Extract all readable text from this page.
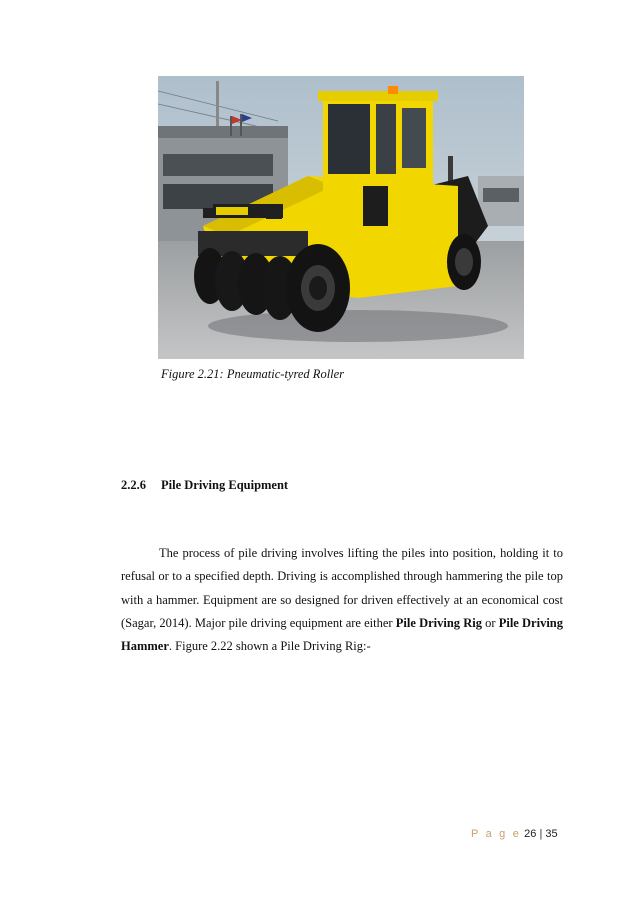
Figure 2.21: Pneumatic-tyred Roller
2.2.6 Pile Driving Equipment

The process of pile driving involves lifting the piles into position, holding it to refusal or to a specified depth. Driving is accomplished through hammering the pile top with a hammer. Equipment are so designed for driven effectively at an economical cost (Sagar, 2014). Major pile driving equipment are either Pile Driving Rig or Pile Driving Hammer. Figure 2.22 shown a Pile Driving Rig:-

P a g e 26 | 35
